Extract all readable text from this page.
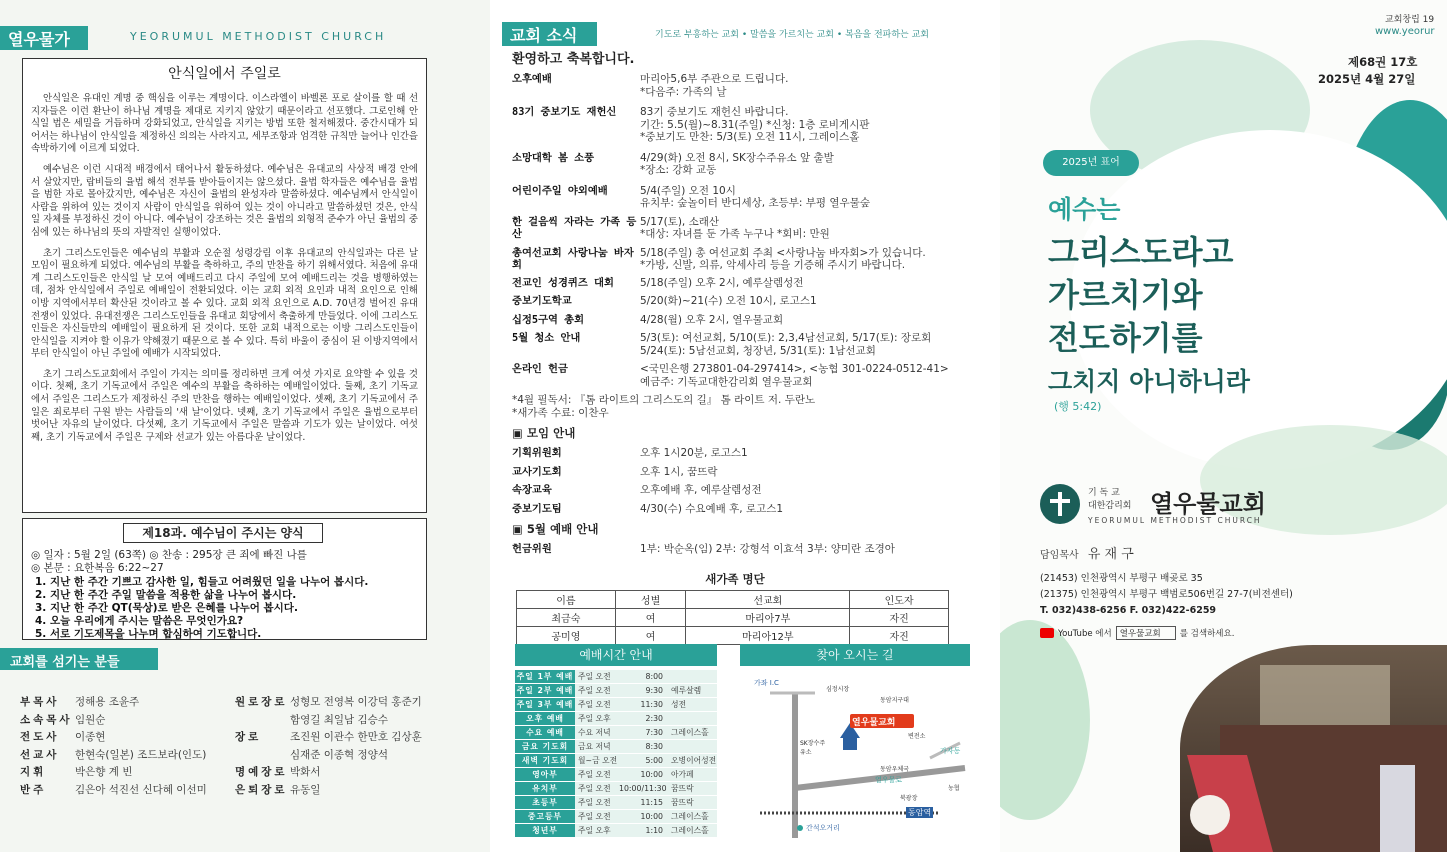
열우물가	YEORUMUL METHODIST CHURCH
안식일에서 주일로

안식일은 유대인 계명 중 핵심을 이루는 계명이다. 이스라엘이 바벨론 포로 살이를 할 때 선지자들은 이런 환난이 하나님 계명을 제대로 지키지 않았기 때문이라고 선포했다. 그로인해 안식일 법은 세밀을 거듭하며 강화되었고, 안식일을 지키는 방법 또한 철저해졌다. 중간시대가 되어서는 하나님이 안식일을 제정하신 의의는 사라지고, 세부조항과 엄격한 규칙만 늘어나 인간을 속박하기에 이르게 되었다.

예수님은 이런 시대적 배경에서 태어나서 활동하셨다. 예수님은 유대교의 사상적 배경 안에서 살았지만, 랍비들의 율법 해석 전부를 받아들이지는 않으셨다. 율법 학자들은 예수님을 율법을 범한 자로 몰아갔지만, 예수님은 자신이 율법의 완성자라 말씀하셨다. 예수님께서 안식일이 사람을 위하여 있는 것이지 사람이 안식일을 위하여 있는 것이 아니라고 말씀하셨던 것은, 안식일 자체를 부정하신 것이 아니다. 예수님이 강조하는 것은 율법의 외형적 준수가 아닌 율법의 중심에 있는 하나님의 뜻의 자발적인 실행이었다.

초기 그리스도인들은 예수님의 부활과 오순절 성령강림 이후 유대교의 안식일과는 다른 날 모임이 필요하게 되었다. 예수님의 부활을 축하하고, 주의 만찬을 하기 위해서였다. 처음에 유대계 그리스도인들은 안식일 날 모여 예배드리고 다시 주일에 모여 예배드리는 것을 병행하였는데, 점차 안식일에서 주일로 예배일이 전환되었다. 이는 교회 외적 요인과 내적 요인으로 인해 이방 지역에서부터 확산된 것이라고 볼 수 있다. 교회 외적 요인으로 A.D. 70년경 벌어진 유대전쟁이 있었다. 유대전쟁은 그리스도인들을 유대교 회당에서 축출하게 만들었다. 이에 그리스도인들은 자신들만의 예배일이 필요하게 된 것이다. 또한 교회 내적으로는 이방 그리스도인들이 안식일을 지켜야 할 이유가 약해졌기 때문으로 볼 수 있다. 특히 바울이 중심이 된 이방지역에서부터 안식일이 아닌 주일에 예배가 시작되었다.

초기 그리스도교회에서 주일이 가지는 의미를 정리하면 크게 여섯 가지로 요약할 수 있을 것이다. 첫째, 초기 기독교에서 주일은 예수의 부활을 축하하는 예배일이었다. 둘째, 초기 기독교에서 주일은 그리스도가 제정하신 주의 만찬을 행하는 예배일이었다. 셋째, 초기 기독교에서 주일은 죄로부터 구원 받는 사람들의 '새 날'이었다. 넷째, 초기 기독교에서 주일은 율법으로부터 벗어난 자유의 날이었다. 다섯째, 초기 기독교에서 주일은 말씀과 기도가 있는 날이었다. 여섯째, 초기 기독교에서 주일은 구제와 선교가 있는 아름다운 날이었다.

제18과. 예수님이 주시는 양식
◎ 일자 : 5월 2일 (63쪽) ◎ 찬송 : 295장 큰 죄에 빠진 나를
◎ 본문 : 요한복음 6:22~27
1. 지난 한 주간 기쁘고 감사한 일, 힘들고 어려웠던 일을 나누어 봅시다.
2. 지난 한 주간 주일 말씀을 적용한 삶을 나누어 봅시다.
3. 지난 한 주간 QT(묵상)로 받은 은혜를 나누어 봅시다.
4. 오늘 우리에게 주시는 말씀은 무엇인가요?
5. 서로 기도제목을 나누며 합심하여 기도합니다.
교회를 섬기는 분들
부목사	정해용 조윤주
소속목사 임원순
전도사	이종현
선교사	한현숙(일본) 조드보라(인도)
지휘	박은향 계 빈
반주	김은아 석진선 신다혜 이선미
원로장로 성형모 전영복 이강덕 홍준기
함영길 최일남 김승수
장로	조진원 이관수 한만호 김상훈
심재준 이종혁 정양석
명예장로 박화서
은퇴장로 유동일
교회 소식	기도로 부흥하는 교회 • 말씀을 가르치는 교회 • 복음을 전파하는 교회
환영하고 축복합니다.
오후예배	마리아5,6부 주관으로 드립니다.
*다음주: 가족의 날
83기 중보기도 재헌신	83기 중보기도 재헌신 바랍니다.
기간: 5.5(월)~8.31(주일) *신청: 1층 로비게시판
*중보기도 만찬: 5/3(토) 오전 11시, 그레이스홀
소망대학 봄 소풍	4/29(화) 오전 8시, SK장수주유소 앞 출발
*장소: 강화 교동
어린이주일 야외예배	5/4(주일) 오전 10시
유치부: 숲놀이터 반디세상, 초등부: 부평 열우물숲
한 걸음씩 자라는 가족 등산
5/17(토), 소래산
*대상: 자녀를 둔 가족 누구나 *회비: 만원
총여선교회 사랑나눔 바자회
5/18(주일) 총 여선교회 주최 <사랑나눔 바자회>가 있습니다.
*가방, 신발, 의류, 악세사리 등을 기증해 주시기 바랍니다.
전교인 성경퀴즈 대회	5/18(주일) 오후 2시, 예루살렘성전
중보기도학교	5/20(화)~21(수) 오전 10시, 로고스1
십정5구역 총회	4/28(월) 오후 2시, 열우물교회
5월 청소 안내	5/3(토): 여선교회, 5/10(토): 2,3,4남선교회, 5/17(토): 장로회
5/24(토): 5남선교회, 청장년, 5/31(토): 1남선교회
온라인 헌금	<국민은행 273801-04-297414>, <농협 301-0224-0512-41>
예금주: 기독교대한감리회 열우물교회
*4월 필독서: 『톰 라이트의 그리스도의 길』 톰 라이트 저. 두란노
*새가족 수료: 이찬우
▣ 모임 안내
기획위원회	오후 1시20분, 로고스1
교사기도회	오후 1시, 꿈뜨락
속장교육	오후예배 후, 예루살렘성전
중보기도팀	4/30(수) 수요예배 후, 로고스1
▣ 5월 예배 안내
헌금위원	1부: 박순옥(임) 2부: 강형석 이효석 3부: 양미란 조경아
새가족 명단
이름	성별	선교회	인도자
최금숙	여	마리아7부	자진
공미영	여	마리아12부	자진
예배시간 안내
주일 1부 예배 주일 오전	8:00
주일 2부 예배 주일 오전	9:30	예루살렘
주일 3부 예배 주일 오전	11:30	성전
오후 예배	주일 오후	2:30
수요 예배	수요 저녁	7:30	그레이스홀
금요 기도회	금요 저녁	8:30
새벽 기도회	월~금 오전	5:00	오병이어성전
영아부	주일 오전	10:00	아가페
유치부	주일 오전	10:00/11:30 꿈뜨락
초등부	주일 오전	11:15	꿈뜨락
중고등부	주일 오전	10:00	그레이스홀
청년부	주일 오후	1:10	그레이스홀
찾아 오시는 길
가좌 I.C
심정시장
동암지구대
SK장수주유소
열우물교회
변전소
백운빅시거리
동암우체국
열우물로
가자동
북광장
농협
동암역
간석오거리
교회창립 19
www.yeorur
제68권 17호
2025년 4월 27일
2025년 표어
예수는
그리스도라고
가르치기와
전도하기를
그치지 아니하니라
(행 5:42)
기 독 교
대한감리회 열우물교회
YEORUMUL METHODIST CHURCH
담임목사 유 재 구
(21453) 인천광역시 부평구 배곶로 35
(21375) 인천광역시 부평구 백범로506번길 27-7(비전센터)
T. 032)438-6256 F. 032)422-6259
YouTube 에서 열우물교회	를 검색하세요.
